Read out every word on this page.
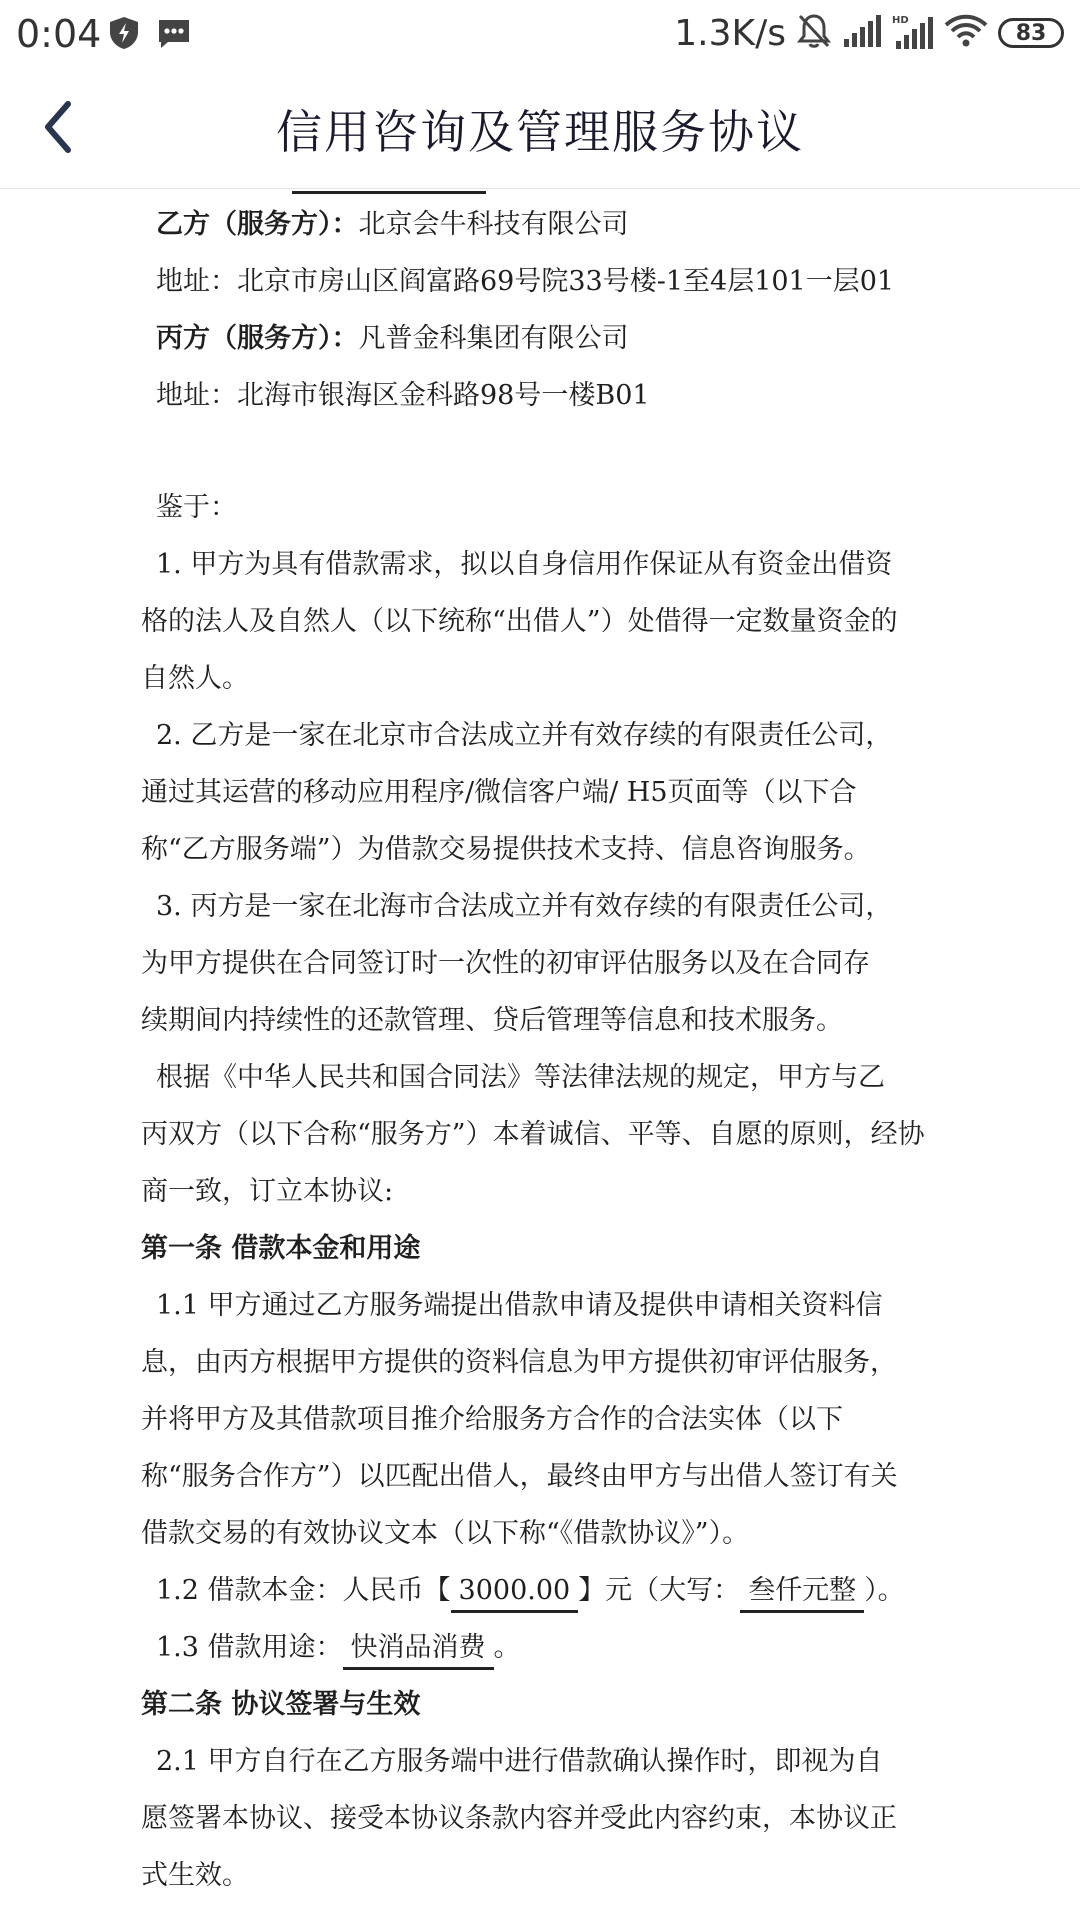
0:04	1.3K/s	HD	83
信用咨询及管理服务协议
乙方（服务方）：北京会牛科技有限公司
地址：北京市房山区阎富路69号院33号楼-1至4层101一层01
丙方（服务方）：凡普金科集团有限公司
地址：北海市银海区金科路98号一楼B01
鉴于：
1. 甲方为具有借款需求，拟以自身信用作保证从有资金出借资
格的法人及自然人（以下统称“出借人”）处借得一定数量资金的
自然人。
2. 乙方是一家在北京市合法成立并有效存续的有限责任公司，
通过其运营的移动应用程序/微信客户端/ H5页面等（以下合
称“乙方服务端”）为借款交易提供技术支持、信息咨询服务。
3. 丙方是一家在北海市合法成立并有效存续的有限责任公司，
为甲方提供在合同签订时一次性的初审评估服务以及在合同存
续期间内持续性的还款管理、贷后管理等信息和技术服务。
根据《中华人民共和国合同法》等法律法规的规定，甲方与乙
丙双方（以下合称“服务方”）本着诚信、平等、自愿的原则，经协
商一致，订立本协议:
第一条 借款本金和用途
1.1 甲方通过乙方服务端提出借款申请及提供申请相关资料信
息，由丙方根据甲方提供的资料信息为甲方提供初审评估服务，
并将甲方及其借款项目推介给服务方合作的合法实体（以下
称“服务合作方”）以匹配出借人，最终由甲方与出借人签订有关
借款交易的有效协议文本（以下称“《借款协议》”）。
1.2 借款本金：人民币【 3000.00 】元（大写： 叁仟元整 ）。
1.3 借款用途： 快消品消费 。
第二条 协议签署与生效
2.1 甲方自行在乙方服务端中进行借款确认操作时，即视为自
愿签署本协议、接受本协议条款内容并受此内容约束，本协议正
式生效。
